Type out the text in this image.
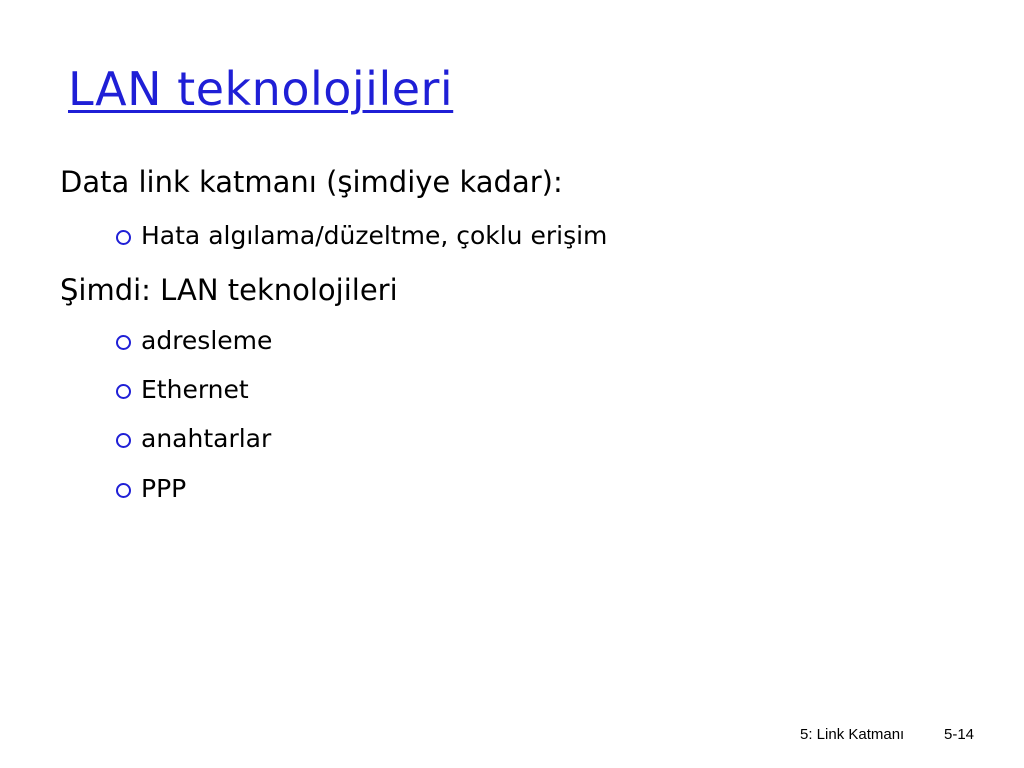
LAN teknolojileri

Data link katmanı (şimdiye kadar):

Hata algılama/düzeltme, çoklu erişim

Şimdi: LAN teknolojileri

adresleme
Ethernet
anahtarlar
PPP
5: Link Katmanı	5-14
